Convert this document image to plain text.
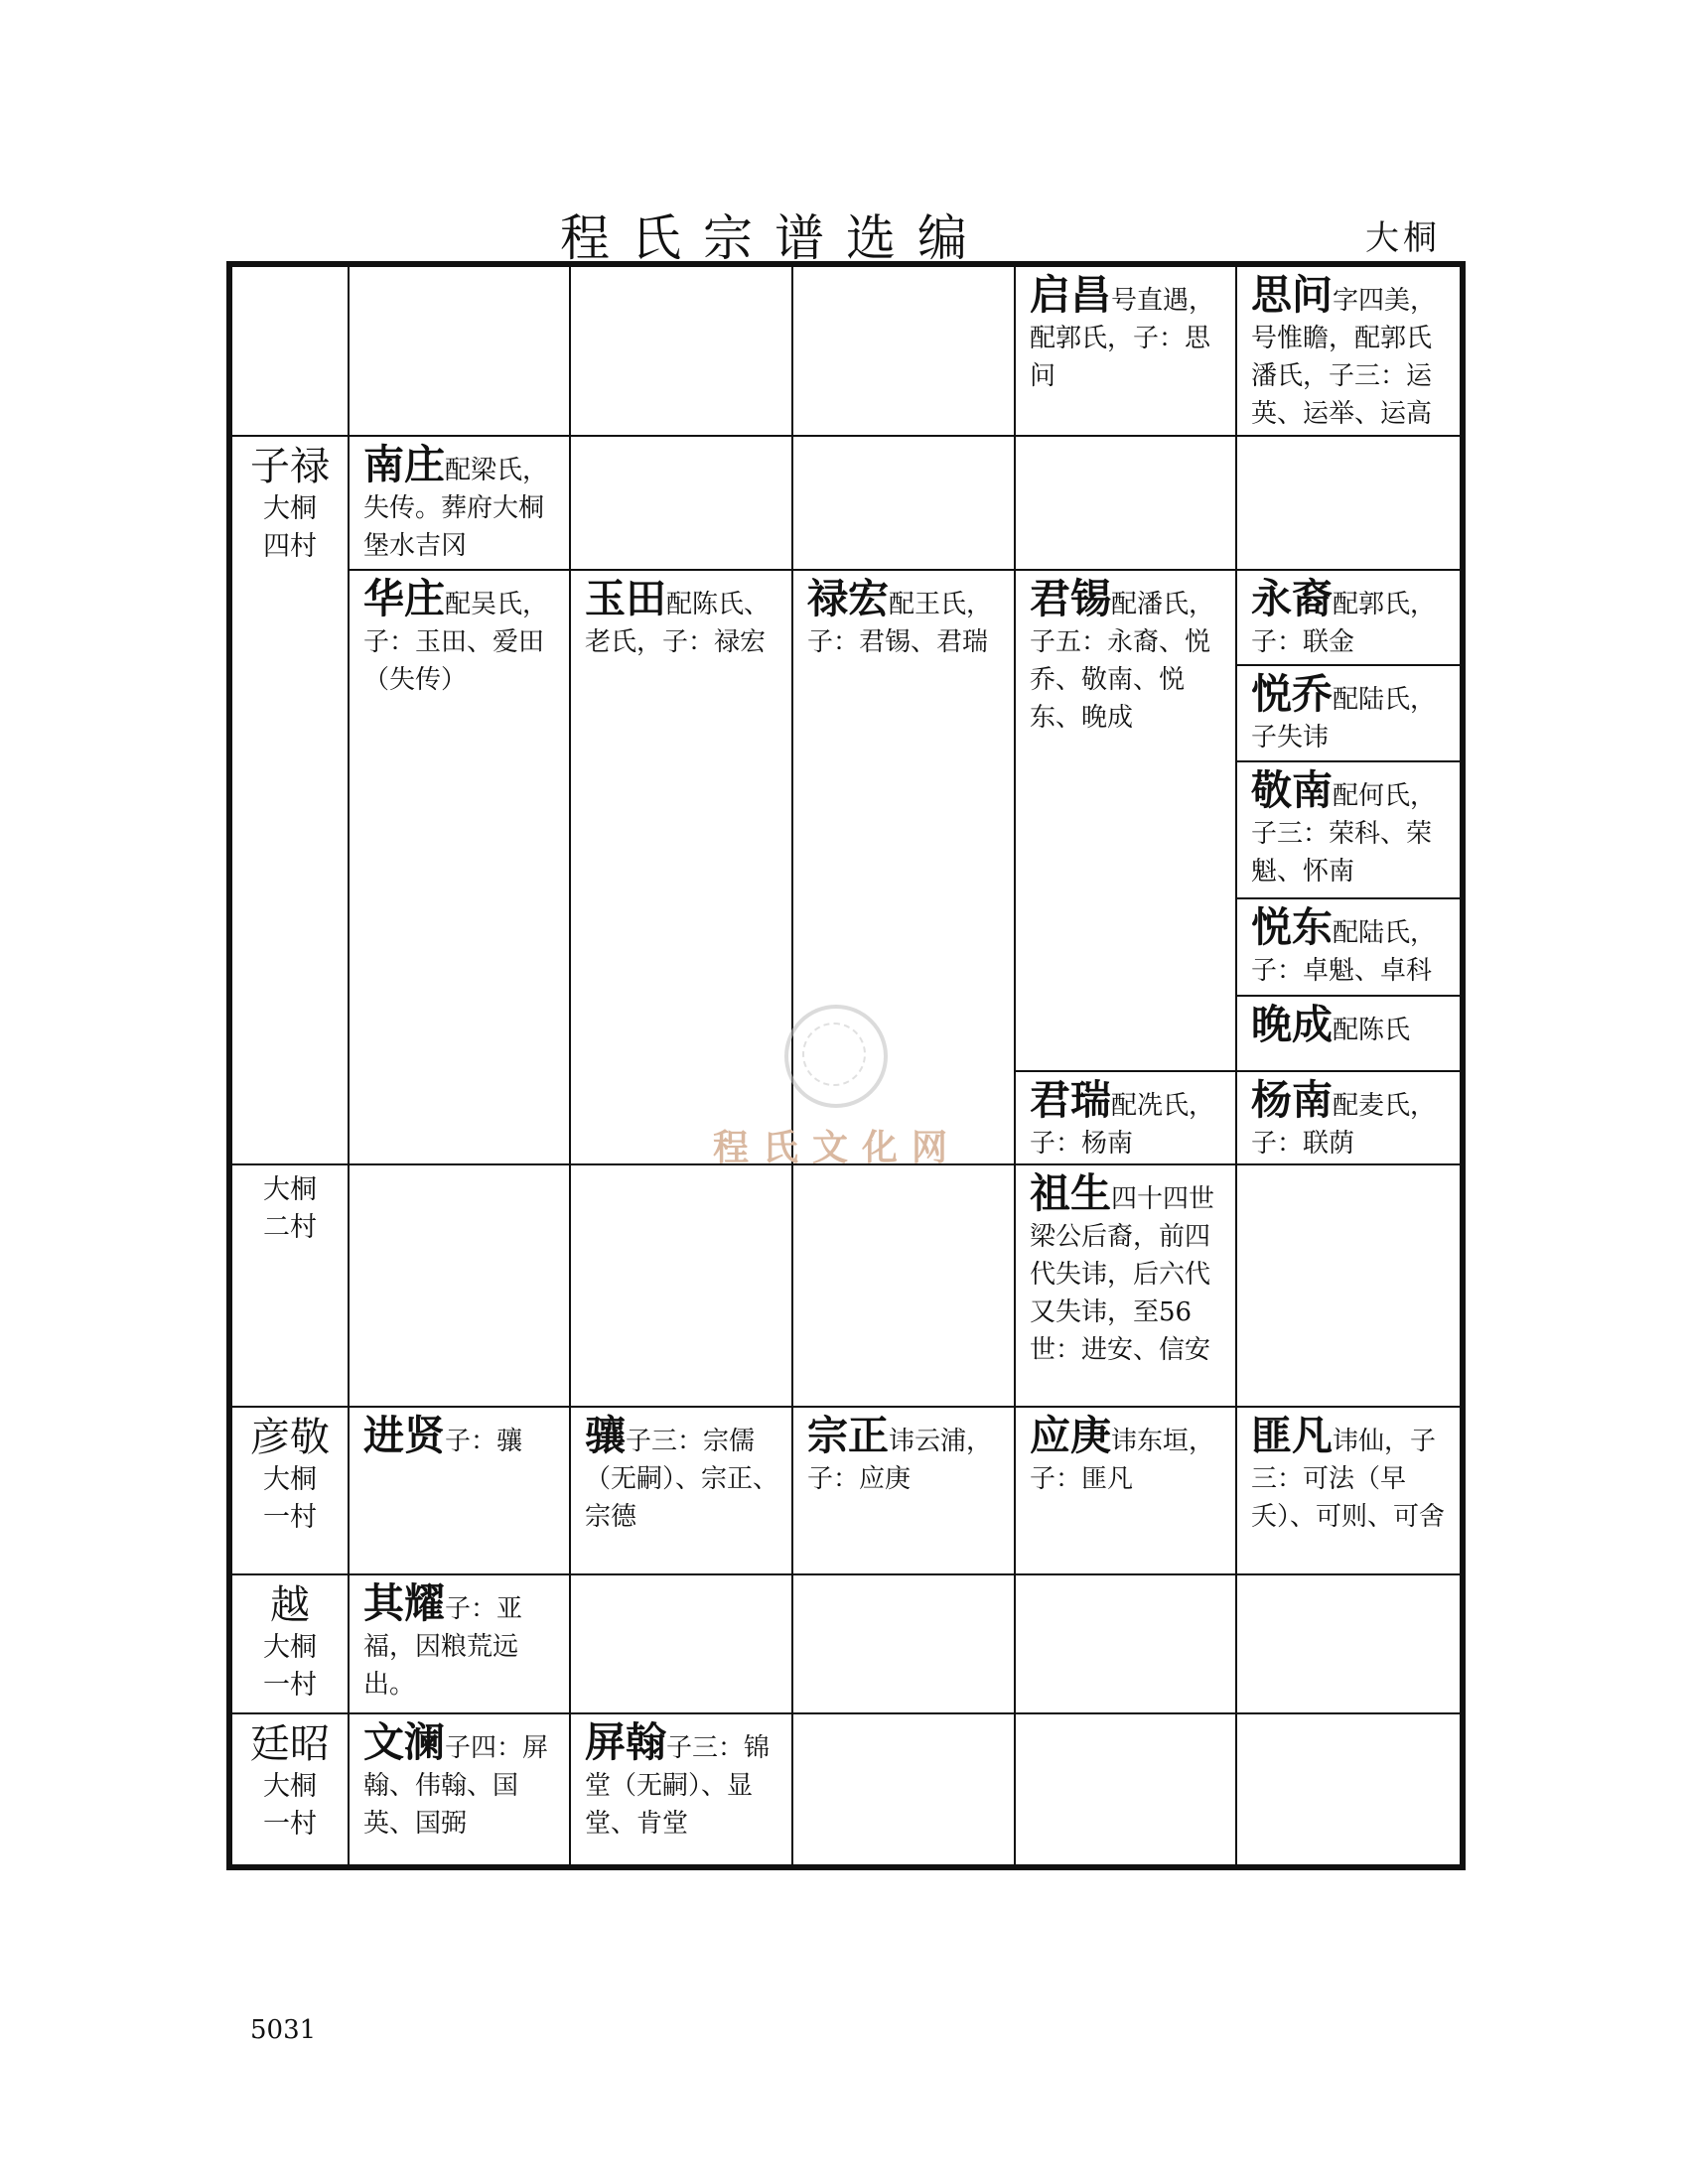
程氏宗谱选编	大桐
启昌号直遇，配郭氏，子：思问
思问字四美，号惟瞻，配郭氏潘氏，子三：运英、运举、运高
子禄
大桐四村
南庄配梁氏，失传。葬府大桐堡水吉冈
华庄配吴氏，子：玉田、爱田（失传）
玉田配陈氏、老氏，子：禄宏
禄宏配王氏，子：君锡、君瑞
君锡配潘氏，子五：永裔、悦乔、敬南、悦东、晚成
君瑞配冼氏，子：杨南
永裔配郭氏，子：联金
悦乔配陆氏，子失讳
敬南配何氏，子三：荣科、荣魁、怀南
悦东配陆氏，子：卓魁、卓科
晚成配陈氏
杨南配麦氏，子：联荫
大桐二村
祖生四十四世梁公后裔，前四代失讳，后六代又失讳，至56世：进安、信安
彦敬
大桐一村
进贤子：骧	骧子三：宗儒（无嗣）、宗正、宗德
宗正讳云浦，子：应庚
应庚讳东垣，子：匪凡
匪凡讳仙，子三：可法（早夭）、可则、可舍
越
大桐一村
其耀子：亚福，因粮荒远出。
廷昭
大桐一村
文澜子四：屏翰、伟翰、国英、国弼
屏翰子三：锦堂（无嗣）、显堂、肯堂
程氏文化网
5031
